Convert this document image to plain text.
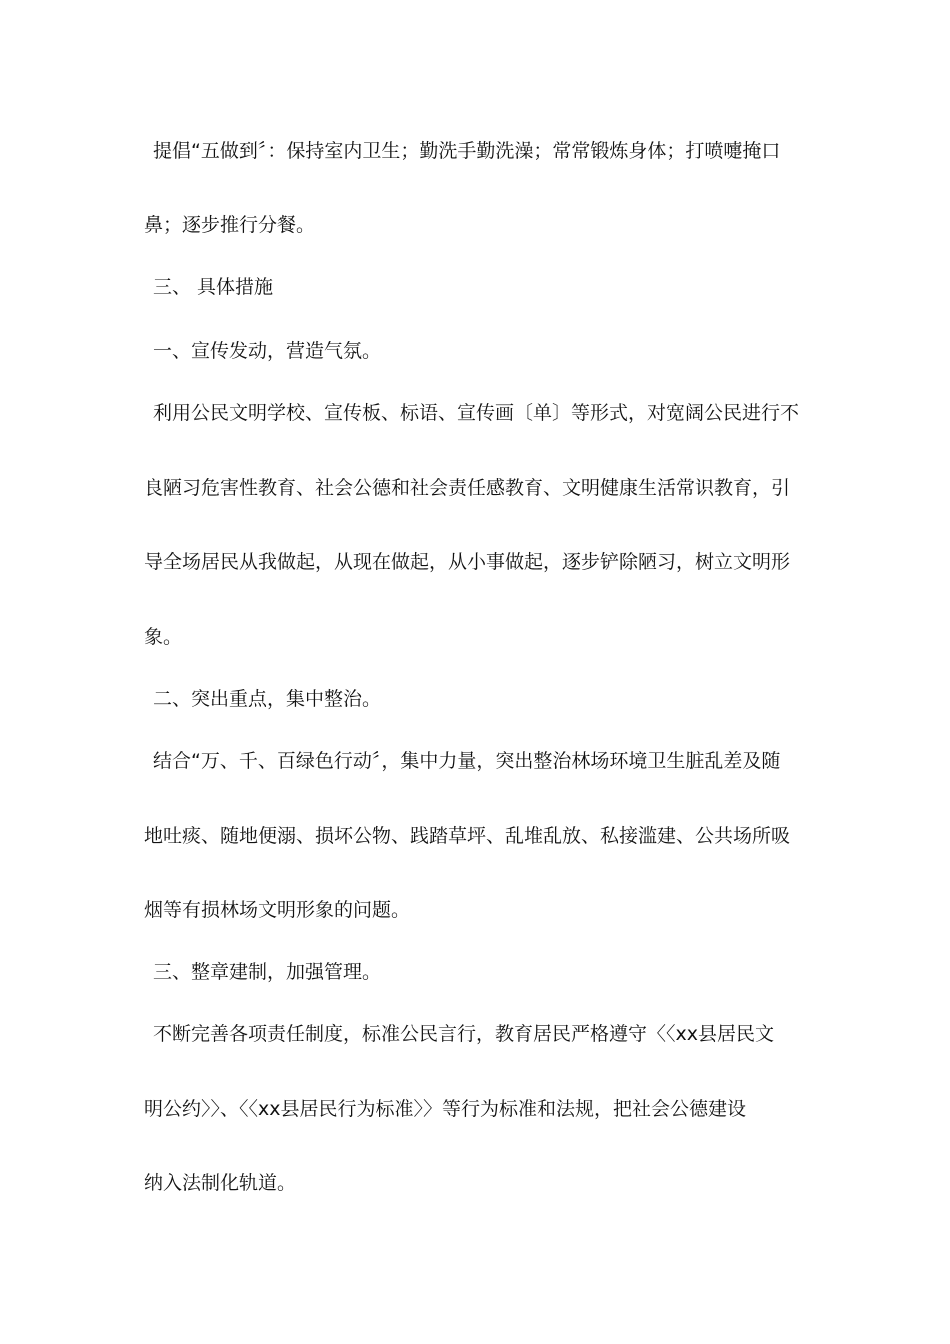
提倡“五做到〞：保持室内卫生；勤洗手勤洗澡；常常锻炼身体；打喷嚏掩口
鼻；逐步推行分餐。
三、 具体措施
一、宣传发动，营造气氛。
利用公民文明学校、宣传板、标语、宣传画〔单〕等形式，对宽阔公民进行不
良陋习危害性教育、社会公德和社会责任感教育、文明健康生活常识教育，引
导全场居民从我做起，从现在做起，从小事做起，逐步铲除陋习，树立文明形
象。
二、突出重点，集中整治。
结合“万、千、百绿色行动〞，集中力量，突出整治林场环境卫生脏乱差及随
地吐痰、随地便溺、损坏公物、践踏草坪、乱堆乱放、私接滥建、公共场所吸
烟等有损林场文明形象的问题。
三、整章建制，加强管理。
不断完善各项责任制度，标准公民言行，教育居民严格遵守〈〈xx县居民文
明公约〉〉、〈〈xx县居民行为标准〉〉等行为标准和法规，把社会公德建设
纳入法制化轨道。
